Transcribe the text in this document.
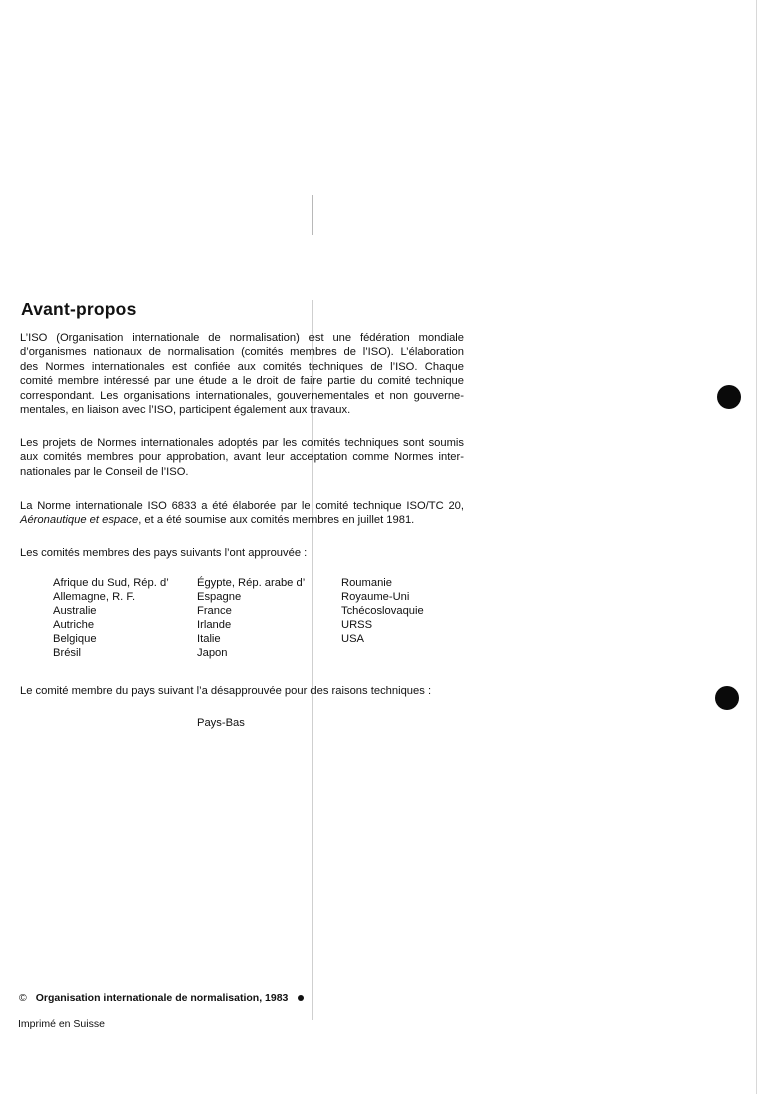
Avant-propos

L’ISO (Organisation internationale de normalisation) est une fédération mondiale
d’organismes nationaux de normalisation (comités membres de l’ISO). L’élaboration
des Normes internationales est confiée aux comités techniques de l’ISO. Chaque
comité membre intéressé par une étude a le droit de faire partie du comité technique
correspondant. Les organisations internationales, gouvernementales et non gouverne-
mentales, en liaison avec l’ISO, participent également aux travaux.

Les projets de Normes internationales adoptés par les comités techniques sont soumis
aux comités membres pour approbation, avant leur acceptation comme Normes inter-
nationales par le Conseil de l’ISO.

La Norme internationale ISO 6833 a été élaborée par le comité technique ISO/TC 20,
Aéronautique et espace, et a été soumise aux comités membres en juillet 1981.

Les comités membres des pays suivants l’ont approuvée :

Afrique du Sud, Rép. d’
Allemagne, R. F.
Australie
Autriche
Belgique
Brésil
Égypte, Rép. arabe d’
Espagne
France
Irlande
Italie
Japon
Roumanie
Royaume-Uni
Tchécoslovaquie
URSS
USA

Le comité membre du pays suivant l’a désapprouvée pour des raisons techniques :

Pays-Bas
© Organisation internationale de normalisation, 1983
Imprimé en Suisse
